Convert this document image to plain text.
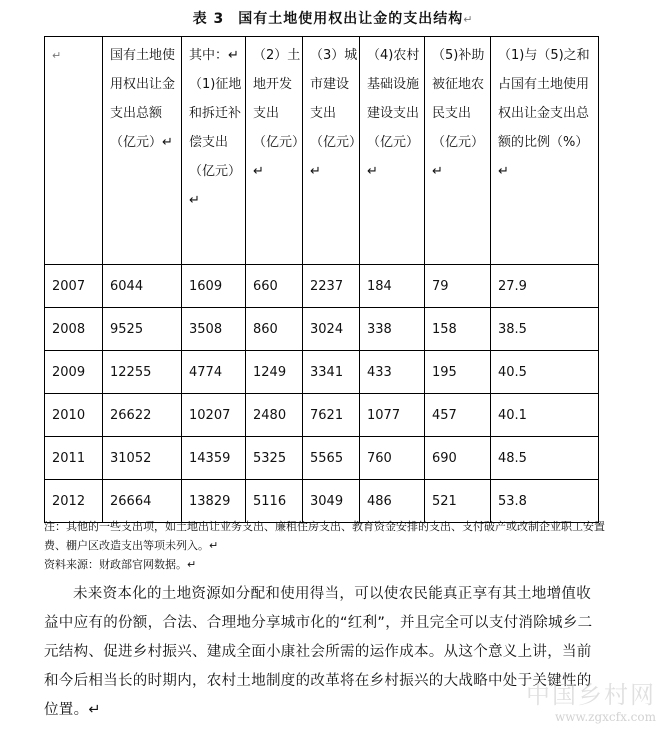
表 3 国有土地使用权出让金的支出结构↵
↵	国有土地使用权出让金支出总额（亿元）↵	其中：↵（1)征地和拆迁补偿支出（亿元）↵	（2）土地开发支出（亿元）↵	（3）城市建设支出（亿元）↵	（4)农村基础设施建设支出（亿元）↵	（5)补助被征地农民支出（亿元）↵	（1)与（5)之和占国有土地使用权出让金支出总额的比例（%）↵
2007	6044	1609	660	2237	184	79	27.9
2008	9525	3508	860	3024	338	158	38.5
2009	12255	4774	1249	3341	433	195	40.5
2010	26622	10207	2480	7621	1077	457	40.1
2011	31052	14359	5325	5565	760	690	48.5
2012	26664	13829	5116	3049	486	521	53.8
注：其他的一些支出项，如土地出让业务支出、廉租住房支出、教育资金安排的支出、支付破产或改制企业职工安置费、棚户区改造支出等项未列入。↵
资料来源：财政部官网数据。↵
未来资本化的土地资源如分配和使用得当，可以使农民能真正享有其土地增值收益中应有的份额，合法、合理地分享城市化的“红利”，并且完全可以支付消除城乡二元结构、促进乡村振兴、建成全面小康社会所需的运作成本。从这个意义上讲，当前和今后相当长的时期内，农村土地制度的改革将在乡村振兴的大战略中处于关键性的位置。↵
中国乡村网
www.zgxcfx.com
